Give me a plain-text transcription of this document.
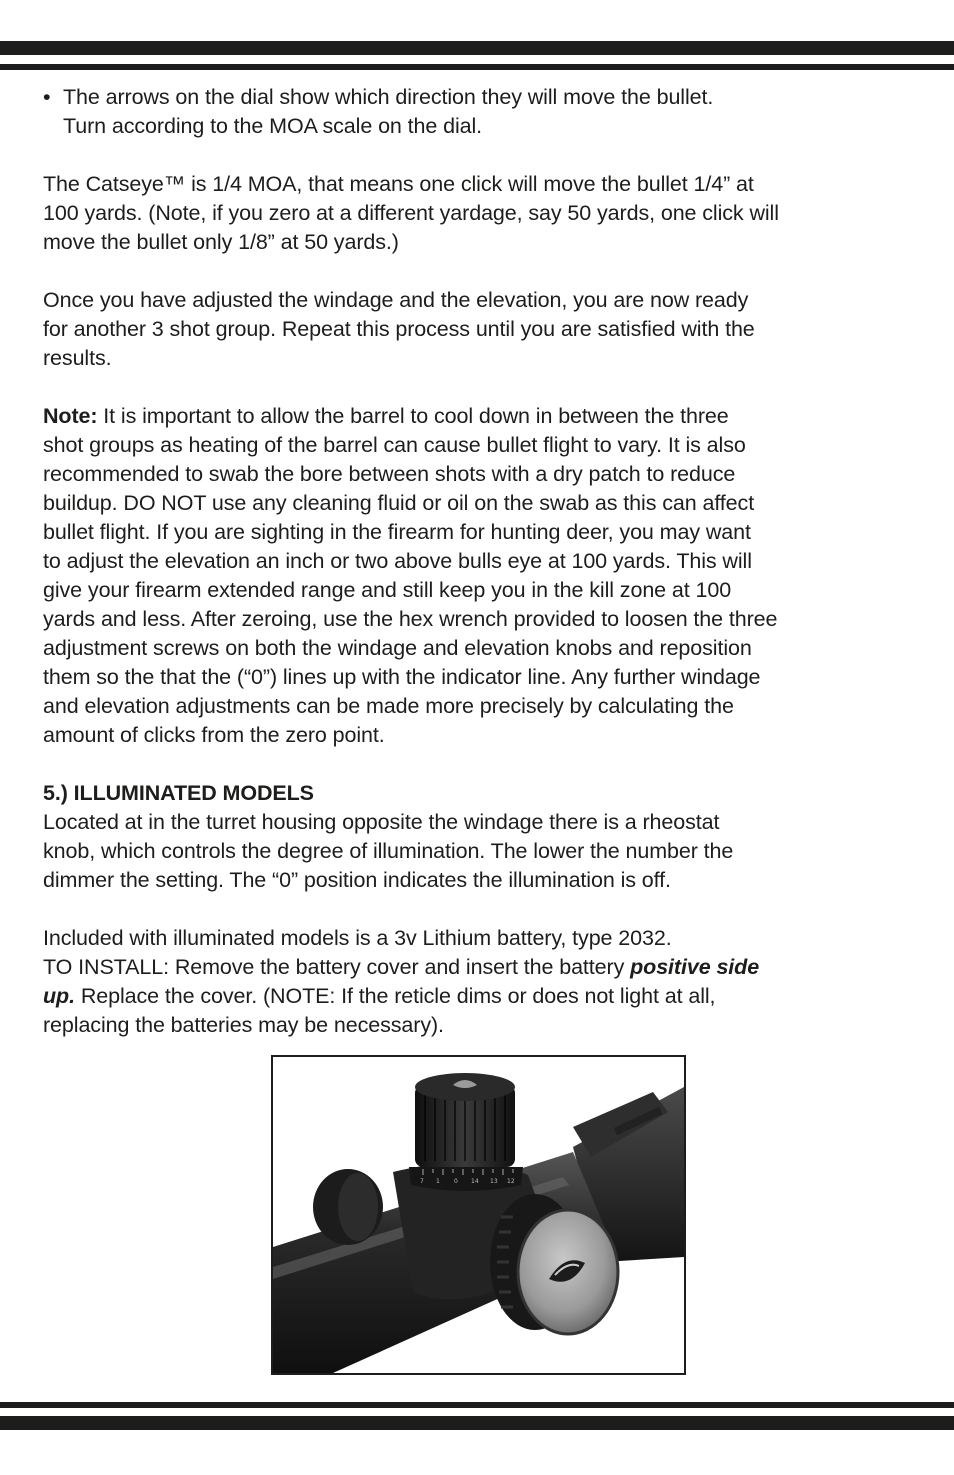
• The arrows on the dial show which direction they will move the bullet.
Turn according to the MOA scale on the dial.

The Catseye™ is 1/4 MOA, that means one click will move the bullet 1/4” at
100 yards. (Note, if you zero at a different yardage, say 50 yards, one click will
move the bullet only 1/8” at 50 yards.)

Once you have adjusted the windage and the elevation, you are now ready
for another 3 shot group. Repeat this process until you are satisfied with the
results.

Note: It is important to allow the barrel to cool down in between the three
shot groups as heating of the barrel can cause bullet flight to vary. It is also
recommended to swab the bore between shots with a dry patch to reduce
buildup. DO NOT use any cleaning fluid or oil on the swab as this can affect
bullet flight. If you are sighting in the firearm for hunting deer, you may want
to adjust the elevation an inch or two above bulls eye at 100 yards. This will
give your firearm extended range and still keep you in the kill zone at 100
yards and less. After zeroing, use the hex wrench provided to loosen the three
adjustment screws on both the windage and elevation knobs and reposition
them so the that the (“0”) lines up with the indicator line. Any further windage
and elevation adjustments can be made more precisely by calculating the
amount of clicks from the zero point.

5.) ILLUMINATED MODELS
Located at in the turret housing opposite the windage there is a rheostat
knob, which controls the degree of illumination. The lower the number the
dimmer the setting. The “0” position indicates the illumination is off.

Included with illuminated models is a 3v Lithium battery, type 2032.
TO INSTALL: Remove the battery cover and insert the battery positive side
up. Replace the cover. (NOTE: If the reticle dims or does not light at all,
replacing the batteries may be necessary).

7 1 0 14 13 12
